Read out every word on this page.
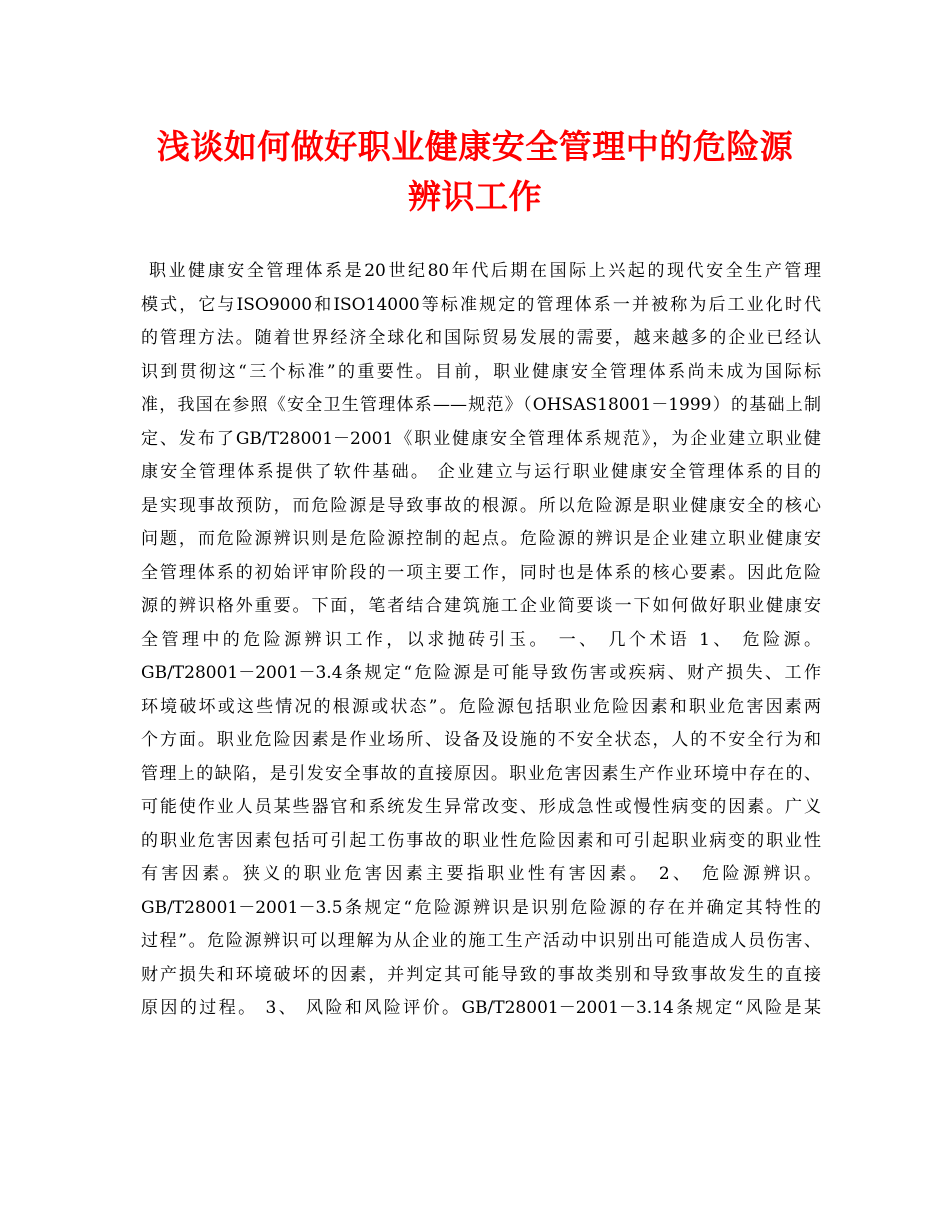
浅谈如何做好职业健康安全管理中的危险源
辨识工作
职业健康安全管理体系是20世纪80年代后期在国际上兴起的现代安全生产管理
模式，它与ISO9000和ISO14000等标准规定的管理体系一并被称为后工业化时代
的管理方法。随着世界经济全球化和国际贸易发展的需要，越来越多的企业已经认
识到贯彻这“三个标准”的重要性。目前，职业健康安全管理体系尚未成为国际标
准，我国在参照《安全卫生管理体系——规范》（OHSAS18001－1999）的基础上制
定、发布了GB/T28001－2001《职业健康安全管理体系规范》，为企业建立职业健
康安全管理体系提供了软件基础。 企业建立与运行职业健康安全管理体系的目的
是实现事故预防，而危险源是导致事故的根源。所以危险源是职业健康安全的核心
问题，而危险源辨识则是危险源控制的起点。危险源的辨识是企业建立职业健康安
全管理体系的初始评审阶段的一项主要工作，同时也是体系的核心要素。因此危险
源的辨识格外重要。下面，笔者结合建筑施工企业简要谈一下如何做好职业健康安
全管理中的危险源辨识工作，以求抛砖引玉。 一、 几个术语 1、 危险源。
GB/T28001－2001－3.4条规定“危险源是可能导致伤害或疾病、财产损失、工作
环境破坏或这些情况的根源或状态”。危险源包括职业危险因素和职业危害因素两
个方面。职业危险因素是作业场所、设备及设施的不安全状态，人的不安全行为和
管理上的缺陷，是引发安全事故的直接原因。职业危害因素生产作业环境中存在的、
可能使作业人员某些器官和系统发生异常改变、形成急性或慢性病变的因素。广义
的职业危害因素包括可引起工伤事故的职业性危险因素和可引起职业病变的职业性
有害因素。狭义的职业危害因素主要指职业性有害因素。 2、 危险源辨识。
GB/T28001－2001－3.5条规定“危险源辨识是识别危险源的存在并确定其特性的
过程”。危险源辨识可以理解为从企业的施工生产活动中识别出可能造成人员伤害、
财产损失和环境破坏的因素，并判定其可能导致的事故类别和导致事故发生的直接
原因的过程。 3、 风险和风险评价。GB/T28001－2001－3.14条规定“风险是某
